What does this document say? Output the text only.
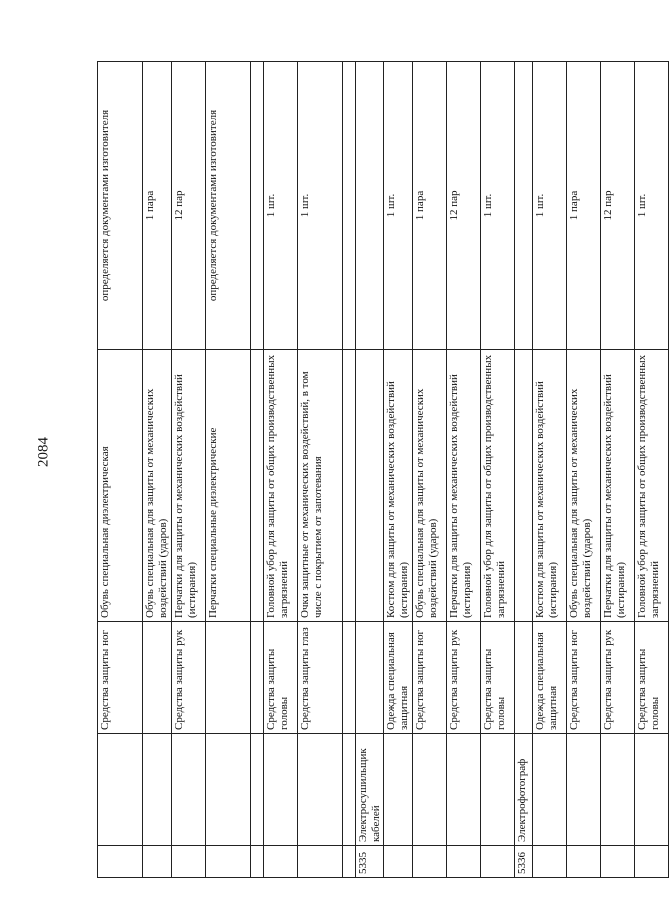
2084
		Средства защиты ног	Обувь специальная диэлектрическая	определяется документами изготовителя
			Обувь специальная для защиты от механических воздействий (ударов)	1 пара
		Средства защиты рук	Перчатки для защиты от механических воздействий (истирания)	12 пар
			Перчатки специальные диэлектрические	определяется документами изготовителя

		Средства защиты головы	Головной убор для защиты от общих производственных загрязнений	1 шт.
		Средства защиты глаз	Очки защитные от механических воздействий, в том числе с покрытием от запотевания	1 шт.

5335	Электросушильщик кабелей			
		Одежда специальная защитная	Костюм для защиты от механических воздействий (истирания)	1 шт.
		Средства защиты ног	Обувь специальная для защиты от механических воздействий (ударов)	1 пара
		Средства защиты рук	Перчатки для защиты от механических воздействий (истирания)	12 пар
		Средства защиты головы	Головной убор для защиты от общих производственных загрязнений	1 шт.
5336	Электрофотограф			
		Одежда специальная защитная	Костюм для защиты от механических воздействий (истирания)	1 шт.
		Средства защиты ног	Обувь специальная для защиты от механических воздействий (ударов)	1 пара
		Средства защиты рук	Перчатки для защиты от механических воздействий (истирания)	12 пар
		Средства защиты головы	Головной убор для защиты от общих производственных загрязнений	1 шт.
